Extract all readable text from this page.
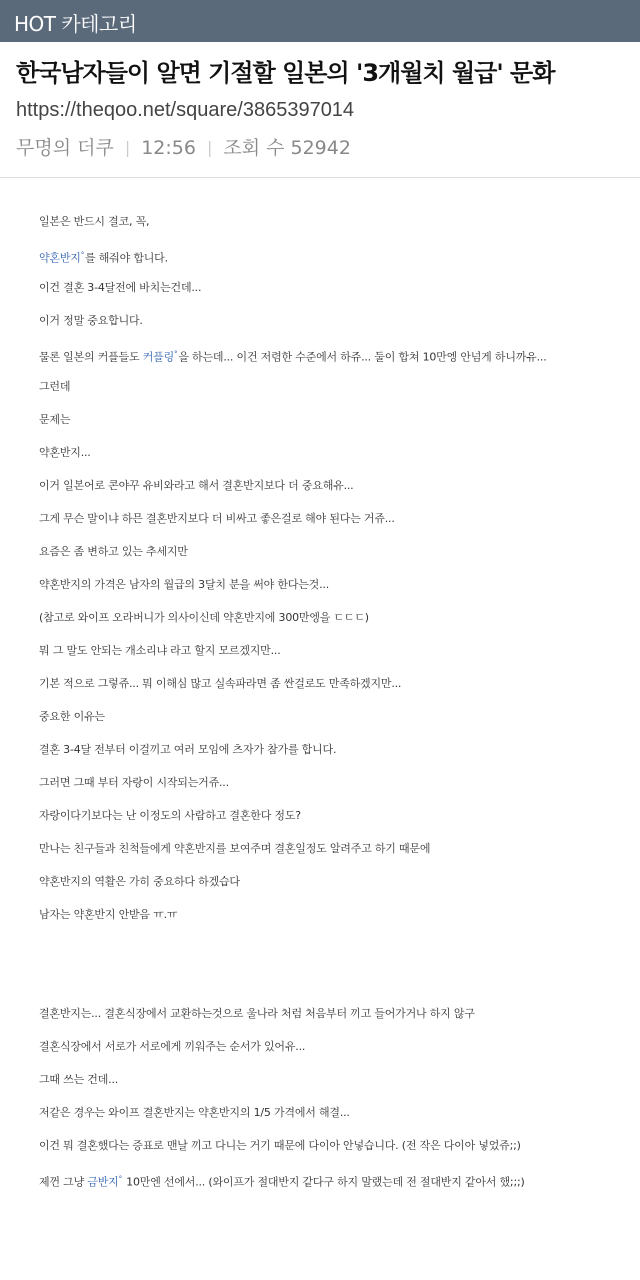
HOT 카테고리
한국남자들이 알면 기절할 일본의 '3개월치 월급' 문화
https://theqoo.net/square/3865397014
무명의 더쿠 | 12:56 | 조회 수 52942
일본은 반드시 결코, 꼭,
약혼반지°를 해줘야 합니다.
이건 결혼 3-4달전에 바치는건데...
이거 정말 중요합니다.
물론 일본의 커플들도 커플링°을 하는데... 이건 저렴한 수준에서 하쥬... 둘이 합쳐 10만엥 안넘게 하니까유...
그런데
문제는
약혼반지...
이거 일본어로 콘야꾸 유비와라고 해서 결혼반지보다 더 중요해유...
그게 무슨 말이냐 하믄 결혼반지보다 더 비싸고 좋은걸로 해야 된다는 거쥬...
요즘은 좀 변하고 있는 추세지만
약혼반지의 가격은 남자의 월급의 3달치 분을 써야 한다는것...
(참고로 와이프 오라버니가 의사이신데 약혼반지에 300만엥을 ㄷㄷㄷ)
뭐 그 말도 안되는 개소리냐 라고 할지 모르겠지만...
기본 적으로 그렇쥬... 뭐 이해심 많고 실속파라면 좀 싼걸로도 만족하겠지만...
중요한 이유는
결혼 3-4달 전부터 이걸끼고 여러 모임에 츠자가 참가를 합니다.
그러면 그때 부터 자랑이 시작되는거쥬...
자랑이다기보다는 난 이정도의 사람하고 결혼한다 정도?
만나는 친구들과 친척들에게 약혼반지를 보여주며 결혼일정도 알려주고 하기 때문에
약혼반지의 역활은 가히 중요하다 하겠습다
남자는 약혼반지 안받음 ㅠ.ㅠ
결혼반지는... 결혼식장에서 교환하는것으로 울나라 처럼 처음부터 끼고 들어가거나 하지 않구
결혼식장에서 서로가 서로에게 끼워주는 순서가 있어유...
그때 쓰는 건데...
저같은 경우는 와이프 결혼반지는 약혼반지의 1/5 가격에서 해결...
이건 뭐 결혼했다는 증표로 맨날 끼고 다니는 거기 때문에 다이아 안넣습니다. (전 작은 다이아 넣었쥬;;)
제껀 그냥 금반지° 10만엔 선에서... (와이프가 절대반지 같다구 하지 말랬는데 전 절대반지 같아서 했;;;)
